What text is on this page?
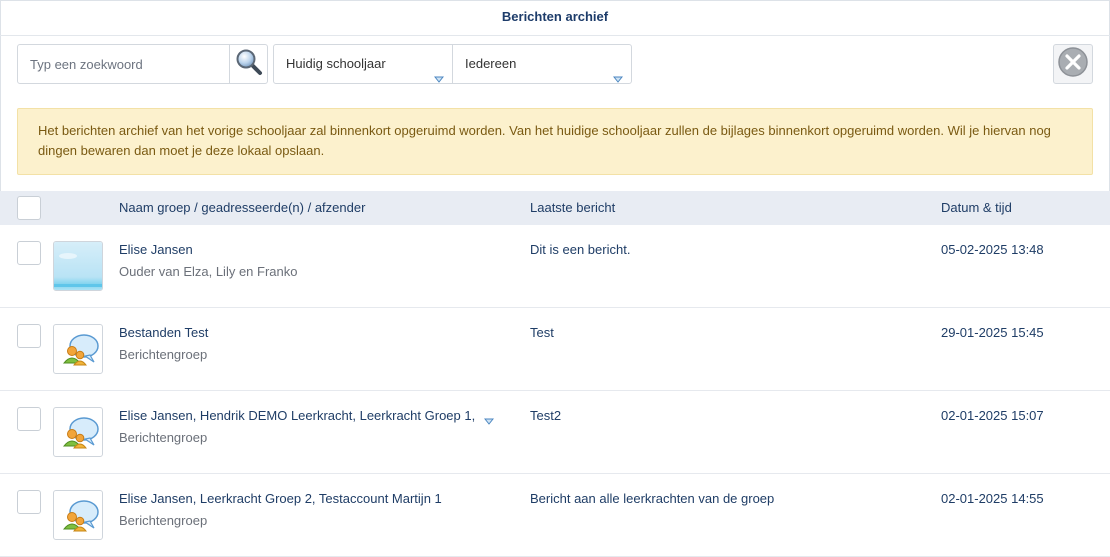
Berichten archief
Typ een zoekwoord
Huidig schooljaar	Iedereen
Het berichten archief van het vorige schooljaar zal binnenkort opgeruimd worden. Van het huidige schooljaar zullen de bijlages binnenkort opgeruimd worden. Wil je hiervan nog dingen bewaren dan moet je deze lokaal opslaan.
Naam groep / geadresseerde(n) / afzender	Laatste bericht	Datum & tijd
Elise Jansen
Ouder van Elza, Lily en Franko
Dit is een bericht.	05-02-2025 13:48
Bestanden Test
Berichtengroep
Test	29-01-2025 15:45
Elise Jansen, Hendrik DEMO Leerkracht, Leerkracht Groep 1,
Berichtengroep
Test2	02-01-2025 15:07
Elise Jansen, Leerkracht Groep 2, Testaccount Martijn 1
Berichtengroep
Bericht aan alle leerkrachten van de groep	02-01-2025 14:55
